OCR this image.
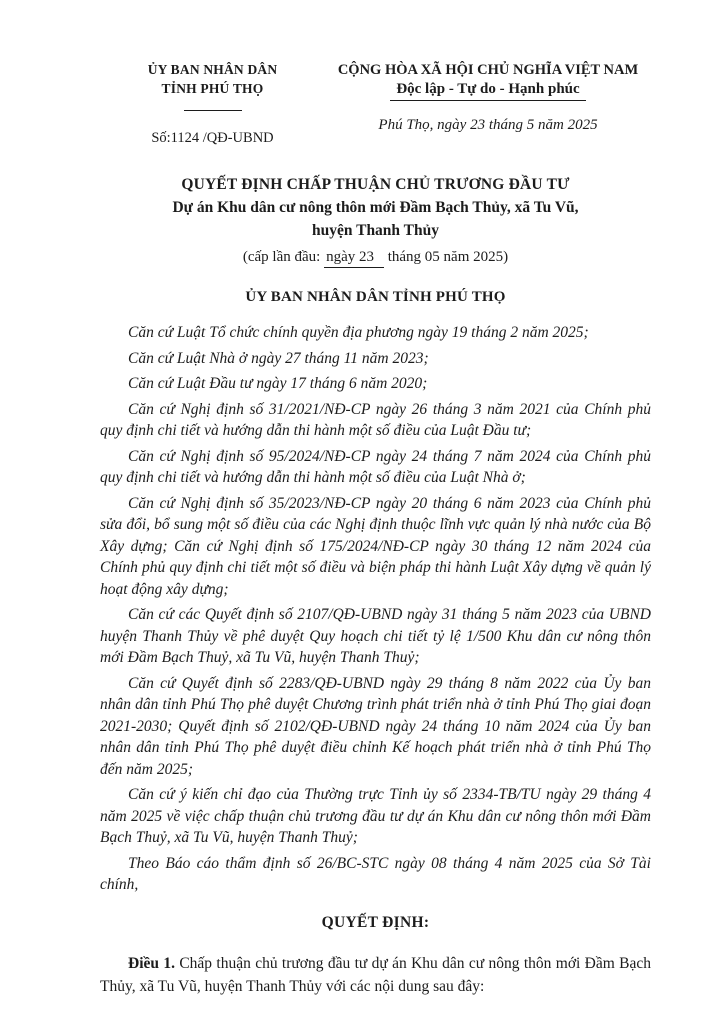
ỦY BAN NHÂN DÂN
TỈNH PHÚ THỌ
Số:1124 /QĐ-UBND
CỘNG HÒA XÃ HỘI CHỦ NGHĨA VIỆT NAM
Độc lập - Tự do - Hạnh phúc
Phú Thọ, ngày 23 tháng 5 năm 2025
QUYẾT ĐỊNH CHẤP THUẬN CHỦ TRƯƠNG ĐẦU TƯ
Dự án Khu dân cư nông thôn mới Đầm Bạch Thủy, xã Tu Vũ,
huyện Thanh Thủy
(cấp lần đầu: ngày 23 tháng 05 năm 2025)
ỦY BAN NHÂN DÂN TỈNH PHÚ THỌ

Căn cứ Luật Tổ chức chính quyền địa phương ngày 19 tháng 2 năm 2025;

Căn cứ Luật Nhà ở ngày 27 tháng 11 năm 2023;

Căn cứ Luật Đầu tư ngày 17 tháng 6 năm 2020;

Căn cứ Nghị định số 31/2021/NĐ-CP ngày 26 tháng 3 năm 2021 của Chính phủ quy định chi tiết và hướng dẫn thi hành một số điều của Luật Đầu tư;

Căn cứ Nghị định số 95/2024/NĐ-CP ngày 24 tháng 7 năm 2024 của Chính phủ quy định chi tiết và hướng dẫn thi hành một số điều của Luật Nhà ở;

Căn cứ Nghị định số 35/2023/NĐ-CP ngày 20 tháng 6 năm 2023 của Chính phủ sửa đổi, bổ sung một số điều của các Nghị định thuộc lĩnh vực quản lý nhà nước của Bộ Xây dựng; Căn cứ Nghị định số 175/2024/NĐ-CP ngày 30 tháng 12 năm 2024 của Chính phủ quy định chi tiết một số điều và biện pháp thi hành Luật Xây dựng về quản lý hoạt động xây dựng;

Căn cứ các Quyết định số 2107/QĐ-UBND ngày 31 tháng 5 năm 2023 của UBND huyện Thanh Thủy về phê duyệt Quy hoạch chi tiết tỷ lệ 1/500 Khu dân cư nông thôn mới Đầm Bạch Thuỷ, xã Tu Vũ, huyện Thanh Thuỷ;

Căn cứ Quyết định số 2283/QĐ-UBND ngày 29 tháng 8 năm 2022 của Ủy ban nhân dân tỉnh Phú Thọ phê duyệt Chương trình phát triển nhà ở tỉnh Phú Thọ giai đoạn 2021-2030; Quyết định số 2102/QĐ-UBND ngày 24 tháng 10 năm 2024 của Ủy ban nhân dân tỉnh Phú Thọ phê duyệt điều chỉnh Kế hoạch phát triển nhà ở tỉnh Phú Thọ đến năm 2025;

Căn cứ ý kiến chỉ đạo của Thường trực Tỉnh ủy số 2334-TB/TU ngày 29 tháng 4 năm 2025 về việc chấp thuận chủ trương đầu tư dự án Khu dân cư nông thôn mới Đầm Bạch Thuỷ, xã Tu Vũ, huyện Thanh Thuỷ;

Theo Báo cáo thẩm định số 26/BC-STC ngày 08 tháng 4 năm 2025 của Sở Tài chính,

QUYẾT ĐỊNH:
Điều 1. Chấp thuận chủ trương đầu tư dự án Khu dân cư nông thôn mới Đầm Bạch Thủy, xã Tu Vũ, huyện Thanh Thủy với các nội dung sau đây:
